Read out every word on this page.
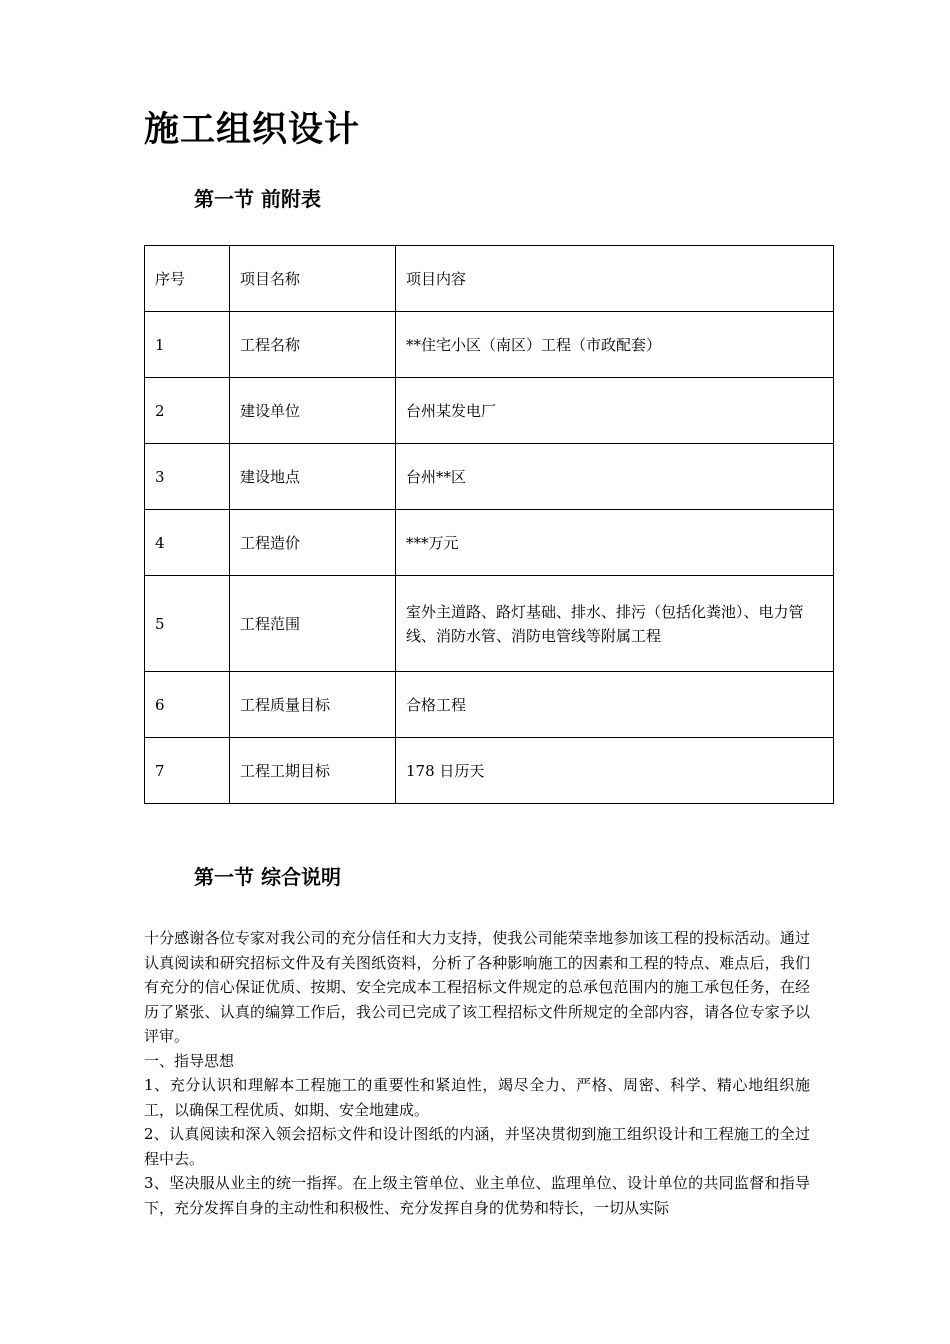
施工组织设计
第一节 前附表
序号	项目名称	项目内容
1	工程名称	**住宅小区（南区）工程（市政配套）
2	建设单位	台州某发电厂
3	建设地点	台州**区
4	工程造价	***万元
5	工程范围	室外主道路、路灯基础、排水、排污（包括化粪池）、电力管线、消防水管、消防电管线等附属工程
6	工程质量目标	合格工程
7	工程工期目标	178 日历天
第一节 综合说明

十分感谢各位专家对我公司的充分信任和大力支持，使我公司能荣幸地参加该工程的投标活动。通过认真阅读和研究招标文件及有关图纸资料，分析了各种影响施工的因素和工程的特点、难点后，我们有充分的信心保证优质、按期、安全完成本工程招标文件规定的总承包范围内的施工承包任务，在经历了紧张、认真的编算工作后，我公司已完成了该工程招标文件所规定的全部内容，请各位专家予以评审。

一、指导思想

1、充分认识和理解本工程施工的重要性和紧迫性，竭尽全力、严格、周密、科学、精心地组织施工，以确保工程优质、如期、安全地建成。

2、认真阅读和深入领会招标文件和设计图纸的内涵，并坚决贯彻到施工组织设计和工程施工的全过程中去。

3、坚决服从业主的统一指挥。在上级主管单位、业主单位、监理单位、设计单位的共同监督和指导下，充分发挥自身的主动性和积极性、充分发挥自身的优势和特长，一切从实际
